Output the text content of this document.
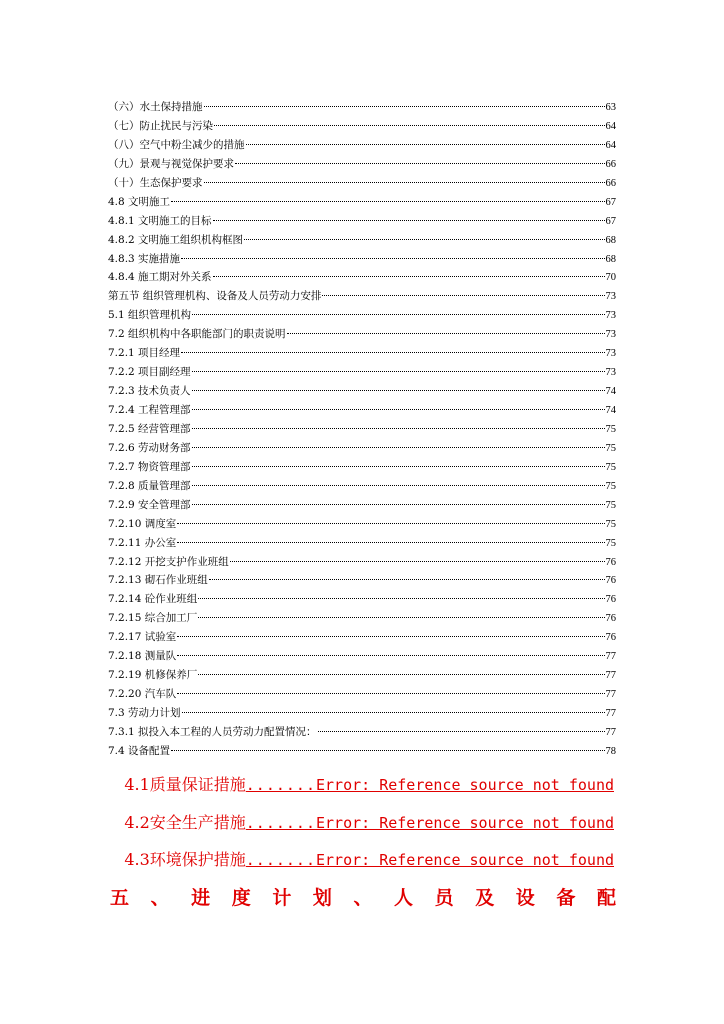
（六）水土保持措施	63
（七）防止扰民与污染	64
（八）空气中粉尘减少的措施	64
（九）景观与视觉保护要求	66
（十）生态保护要求	66
4.8 文明施工	67
4.8.1 文明施工的目标	67
4.8.2 文明施工组织机构框图	68
4.8.3 实施措施	68
4.8.4 施工期对外关系	70
第五节 组织管理机构、设备及人员劳动力安排	73
5.1 组织管理机构	73
7.2 组织机构中各职能部门的职责说明	73
7.2.1 项目经理	73
7.2.2 项目副经理	73
7.2.3 技术负责人	74
7.2.4 工程管理部	74
7.2.5 经营管理部	75
7.2.6 劳动财务部	75
7.2.7 物资管理部	75
7.2.8 质量管理部	75
7.2.9 安全管理部	75
7.2.10 调度室	75
7.2.11 办公室	75
7.2.12 开挖支护作业班组	76
7.2.13 砌石作业班组	76
7.2.14 砼作业班组	76
7.2.15 综合加工厂	76
7.2.17 试验室	76
7.2.18 测量队	77
7.2.19 机修保养厂	77
7.2.20 汽车队	77
7.3 劳动力计划	77
7.3.1 拟投入本工程的人员劳动力配置情况：	77
7.4 设备配置	78
4.1质量保证措施 ....... Error: Reference source not found
4.2安全生产措施 ....... Error: Reference source not found
4.3环境保护措施 ....... Error: Reference source not found
五 、 进 度 计 划 、 人 员 及 设 备 配
